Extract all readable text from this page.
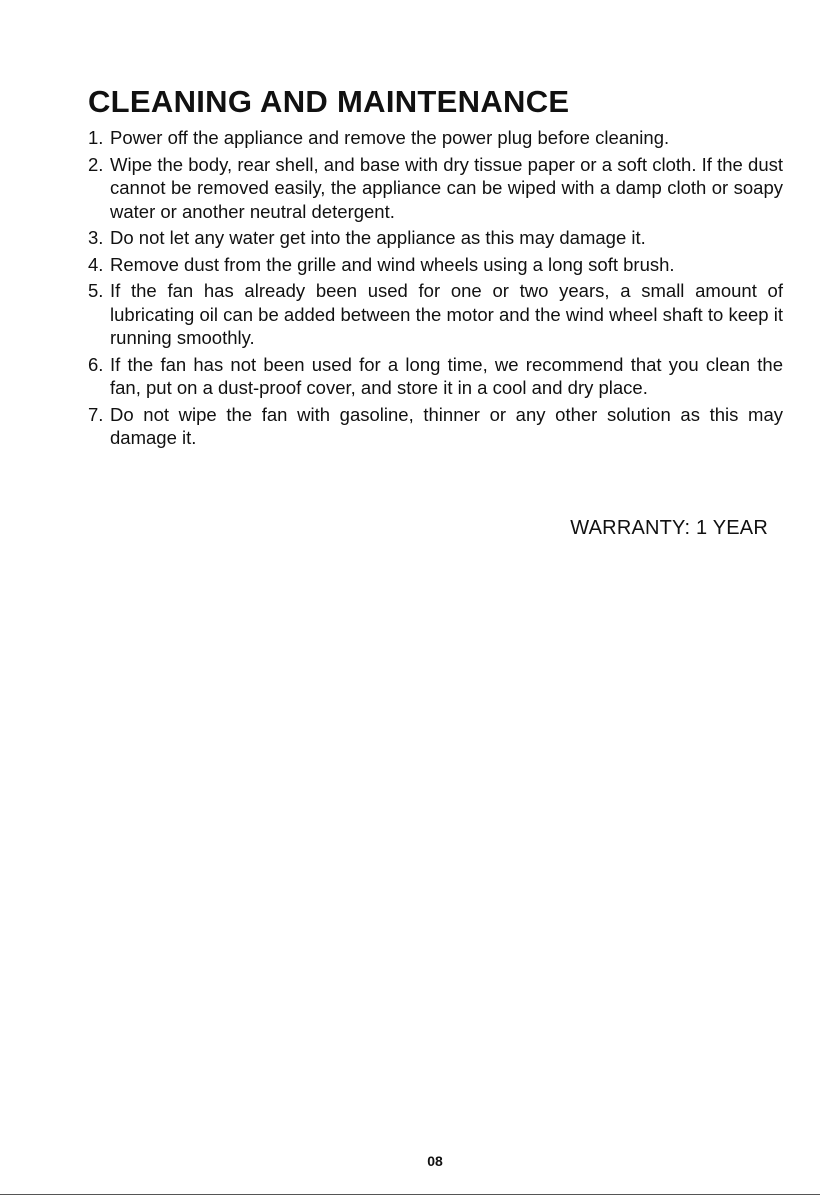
CLEANING AND MAINTENANCE
1. Power off the appliance and remove the power plug before cleaning.
2. Wipe the body, rear shell, and base with dry tissue paper or a soft cloth. If the dust cannot be removed easily, the appliance can be wiped with a damp cloth or soapy water or another neutral detergent.
3. Do not let any water get into the appliance as this may damage it.
4. Remove dust from the grille and wind wheels using a long soft brush.
5. If the fan has already been used for one or two years, a small amount of lubricating oil can be added between the motor and the wind wheel shaft to keep it running smoothly.
6. If the fan has not been used for a long time, we recommend that you clean the fan, put on a dust-proof cover, and store it in a cool and dry place.
7. Do not wipe the fan with gasoline, thinner or any other solution as this may damage it.

WARRANTY: 1 YEAR

08
